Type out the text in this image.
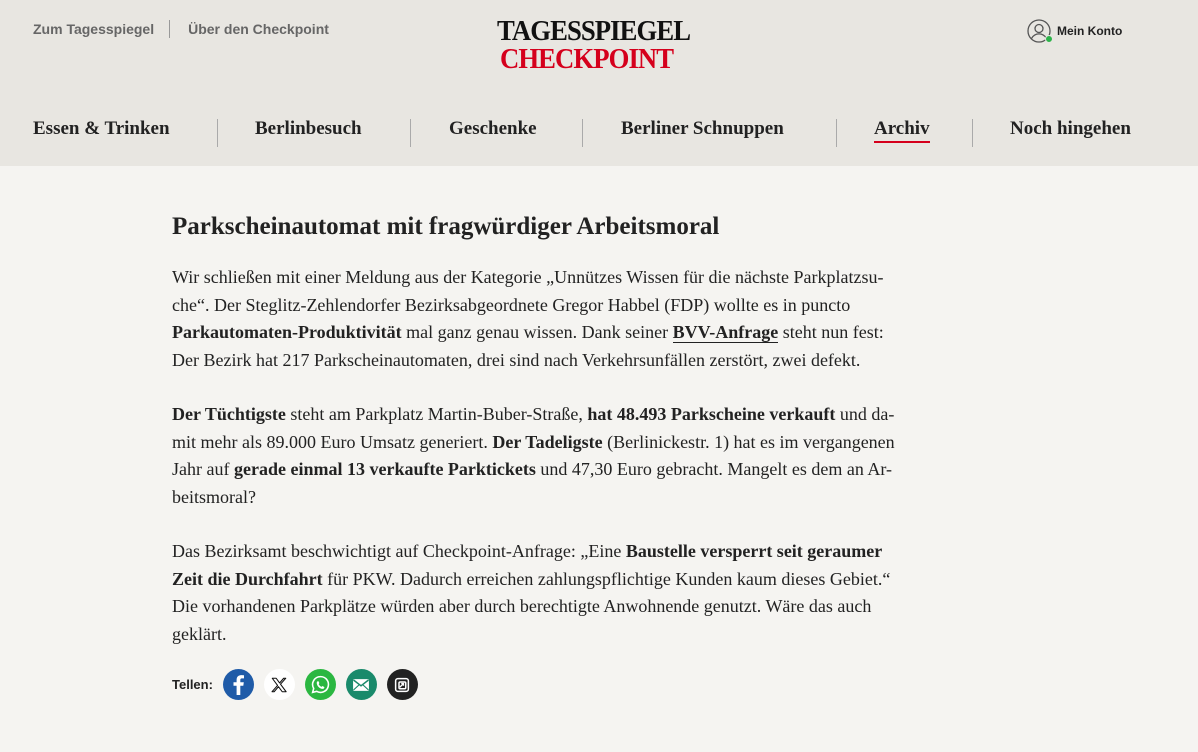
Zum Tagesspiegel Über den Checkpoint	TAGESSPIEGEL
CHECKPOINT
Mein Konto
Essen & Trinken	Berlinbesuch	Geschenke	Berliner Schnuppen	Archiv	Noch hingehen
Parkscheinautomat mit fragwürdiger Arbeitsmoral
Wir schließen mit einer Meldung aus der Kategorie „Unnützes Wissen für die nächste Parkplatzsu-
che“. Der Steglitz-Zehlendorfer Bezirksabgeordnete Gregor Habbel (FDP) wollte es in puncto
Parkautomaten-Produktivität mal ganz genau wissen. Dank seiner BVV-Anfrage steht nun fest:
Der Bezirk hat 217 Parkscheinautomaten, drei sind nach Verkehrsunfällen zerstört, zwei defekt.
Der Tüchtigste steht am Parkplatz Martin-Buber-Straße, hat 48.493 Parkscheine verkauft und da-
mit mehr als 89.000 Euro Umsatz generiert. Der Tadeligste (Berlinickestr. 1) hat es im vergangenen
Jahr auf gerade einmal 13 verkaufte Parktickets und 47,30 Euro gebracht. Mangelt es dem an Ar-
beitsmoral?
Das Bezirksamt beschwichtigt auf Checkpoint-Anfrage: „Eine Baustelle versperrt seit geraumer
Zeit die Durchfahrt für PKW. Dadurch erreichen zahlungspflichtige Kunden kaum dieses Gebiet.“
Die vorhandenen Parkplätze würden aber durch berechtigte Anwohnende genutzt. Wäre das auch
geklärt.
Tellen:
